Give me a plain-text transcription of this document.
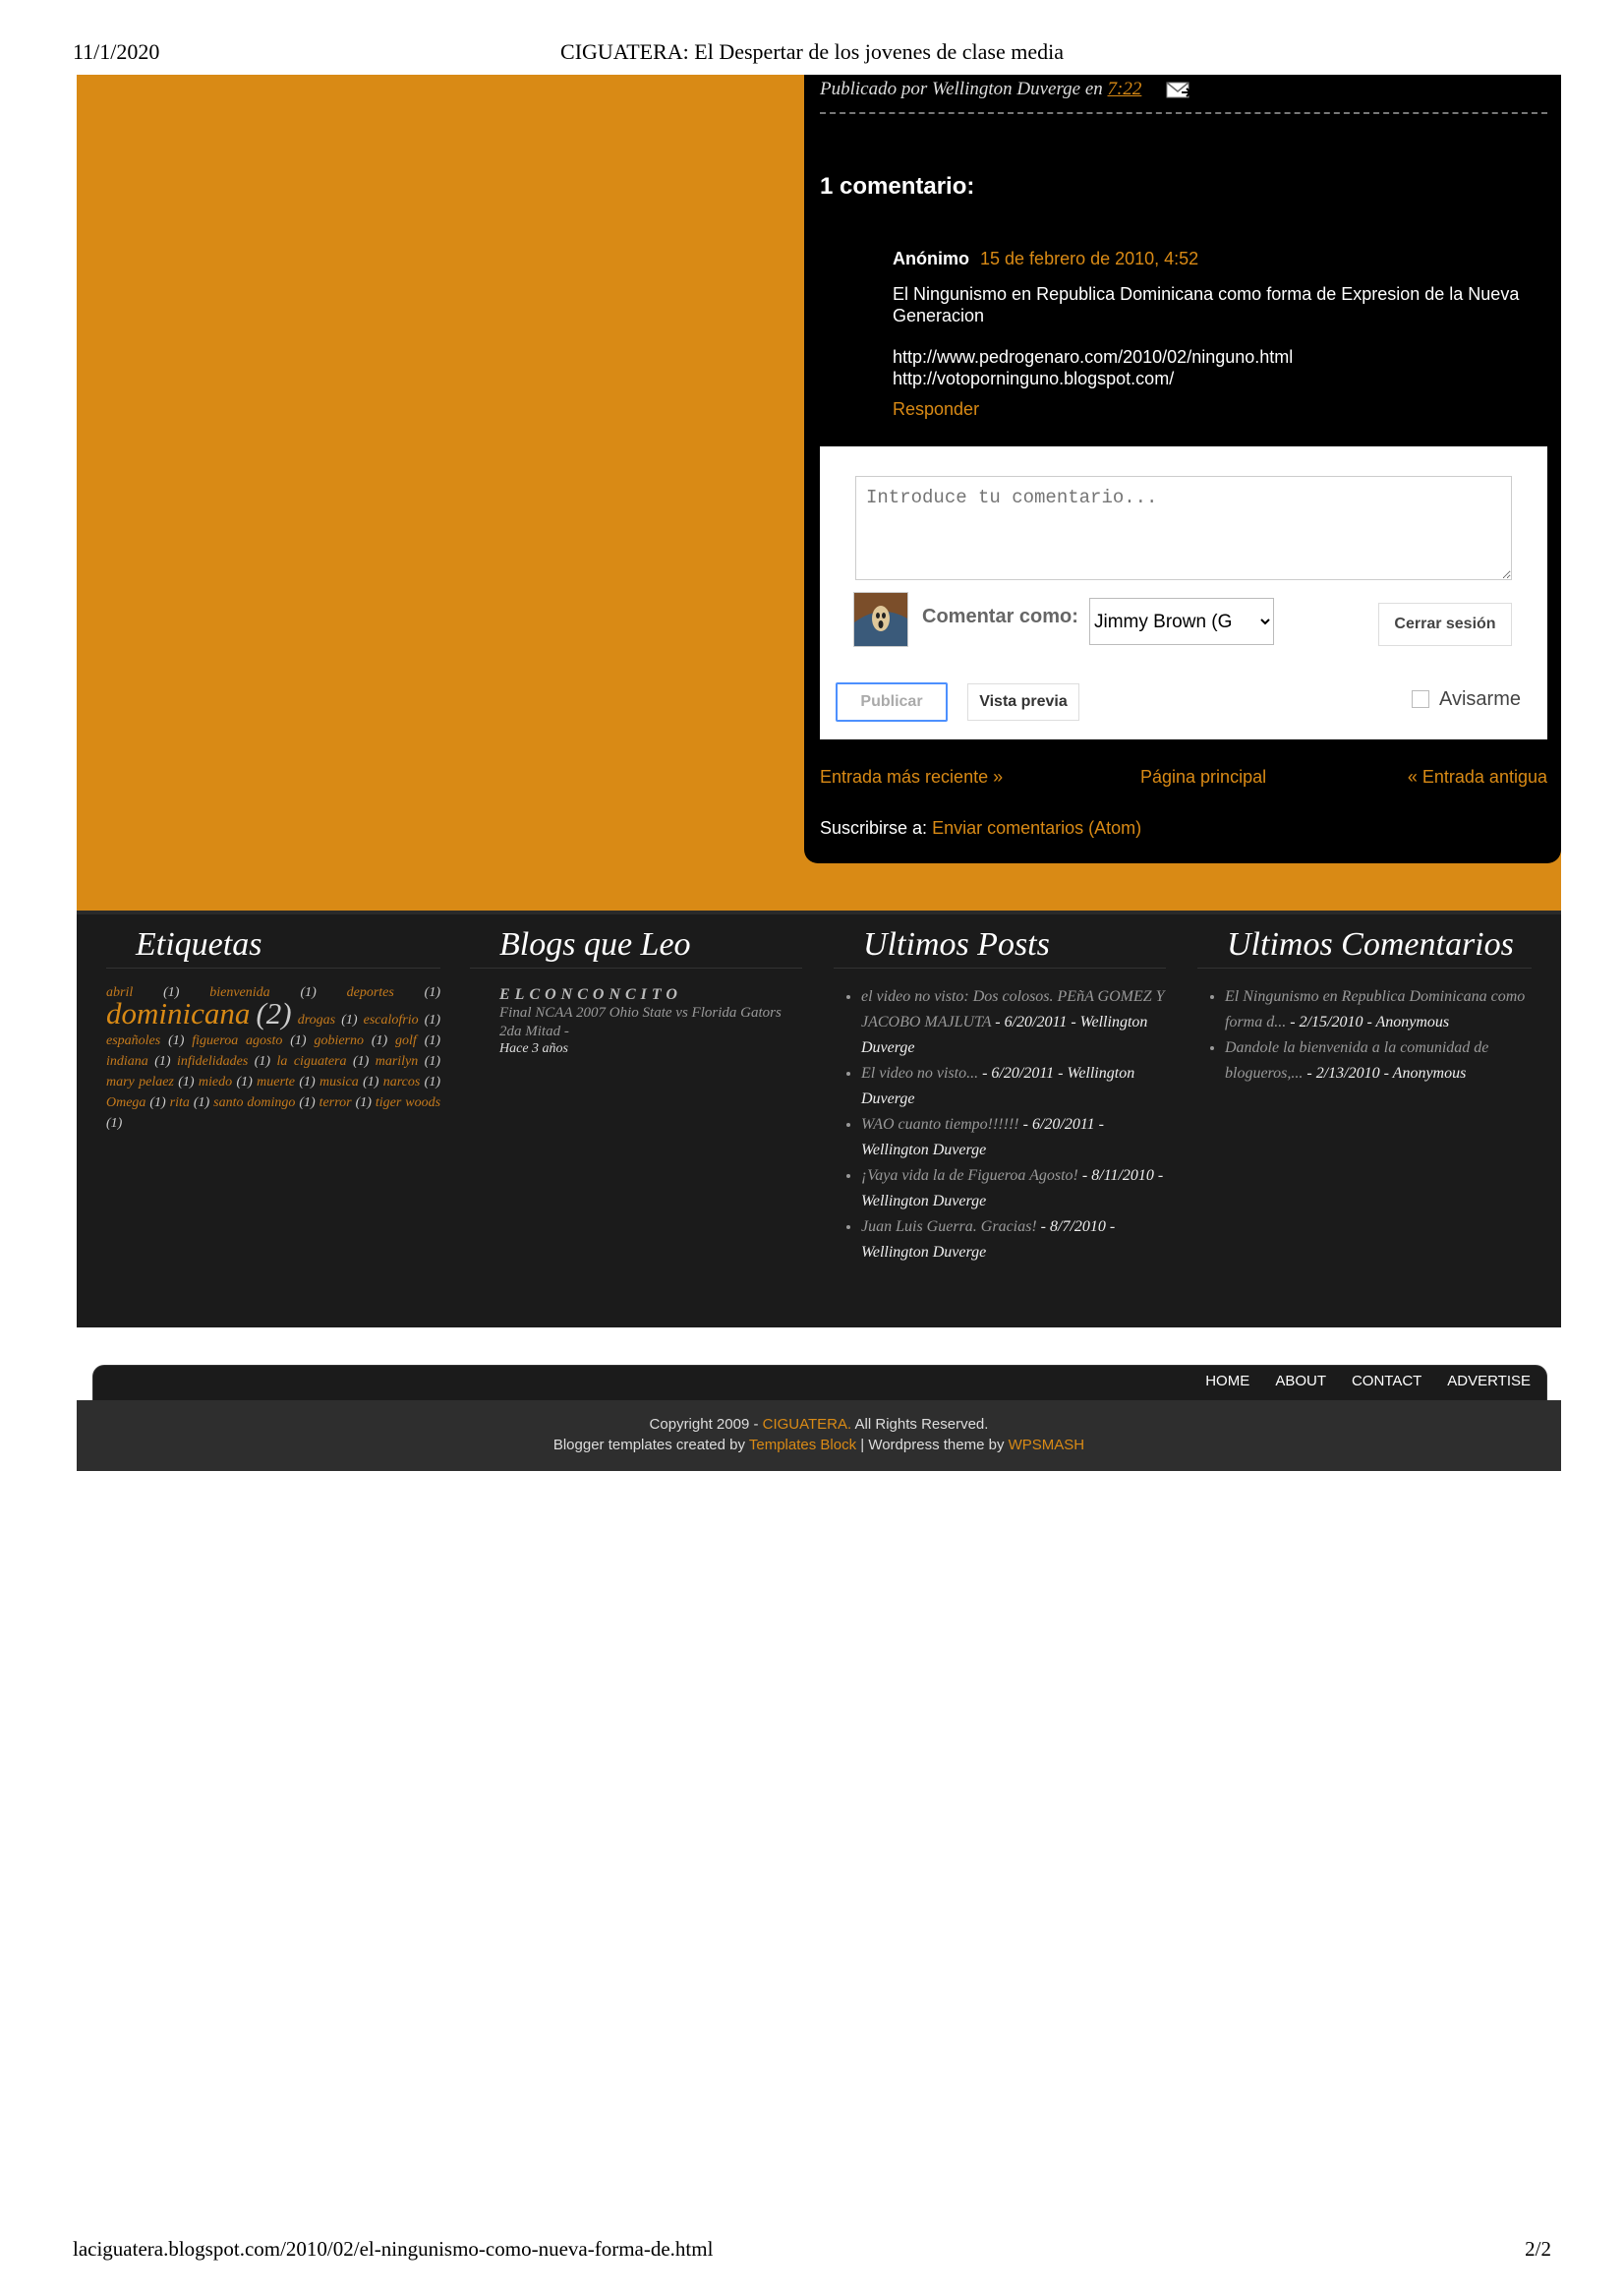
11/1/2020	CIGUATERA: El Despertar de los jovenes de clase media
Publicado por Wellington Duverge en 7:22
1 comentario:
Anónimo 15 de febrero de 2010, 4:52
El Ningunismo en Republica Dominicana como forma de Expresion de la Nueva Generacion
http://www.pedrogenaro.com/2010/02/ninguno.html
http://votoporninguno.blogspot.com/
Responder
Introduce tu comentario...
Comentar como:
Jimmy Brown (G	Cerrar sesión
Publicar	Vista previa	Avisarme
Entrada más reciente »	Página principal	« Entrada antigua
Suscribirse a: Enviar comentarios (Atom)
Etiquetas
abril (1) bienvenida (1) deportes (1) dominicana (2) drogas (1) escalofrio (1) españoles (1) figueroa agosto (1) gobierno (1) golf (1) indiana (1) infidelidades (1) la ciguatera (1) marilyn (1) mary pelaez (1) miedo (1) muerte (1) musica (1) narcos (1) Omega (1) rita (1) santo domingo (1) terror (1) tiger woods (1)
Blogs que Leo
ELCONCONCITO
Final NCAA 2007 Ohio State vs Florida Gators 2da Mitad -
Hace 3 años
Ultimos Posts
• el video no visto: Dos colosos. PEñA GOMEZ Y JACOBO MAJLUTA - 6/20/2011 - Wellington Duverge
• El video no visto... - 6/20/2011 - Wellington Duverge
• WAO cuanto tiempo!!!!!! - 6/20/2011 - Wellington Duverge
• ¡Vaya vida la de Figueroa Agosto! - 8/11/2010 - Wellington Duverge
• Juan Luis Guerra. Gracias! - 8/7/2010 - Wellington Duverge
Ultimos Comentarios
• El Ningunismo en Republica Dominicana como forma d... - 2/15/2010 - Anonymous
• Dandole la bienvenida a la comunidad de blogueros,... - 2/13/2010 - Anonymous
HOME ABOUT CONTACT ADVERTISE
Copyright 2009 - CIGUATERA. All Rights Reserved.
Blogger templates created by Templates Block | Wordpress theme by WPSMASH
laciguatera.blogspot.com/2010/02/el-ningunismo-como-nueva-forma-de.html	2/2
